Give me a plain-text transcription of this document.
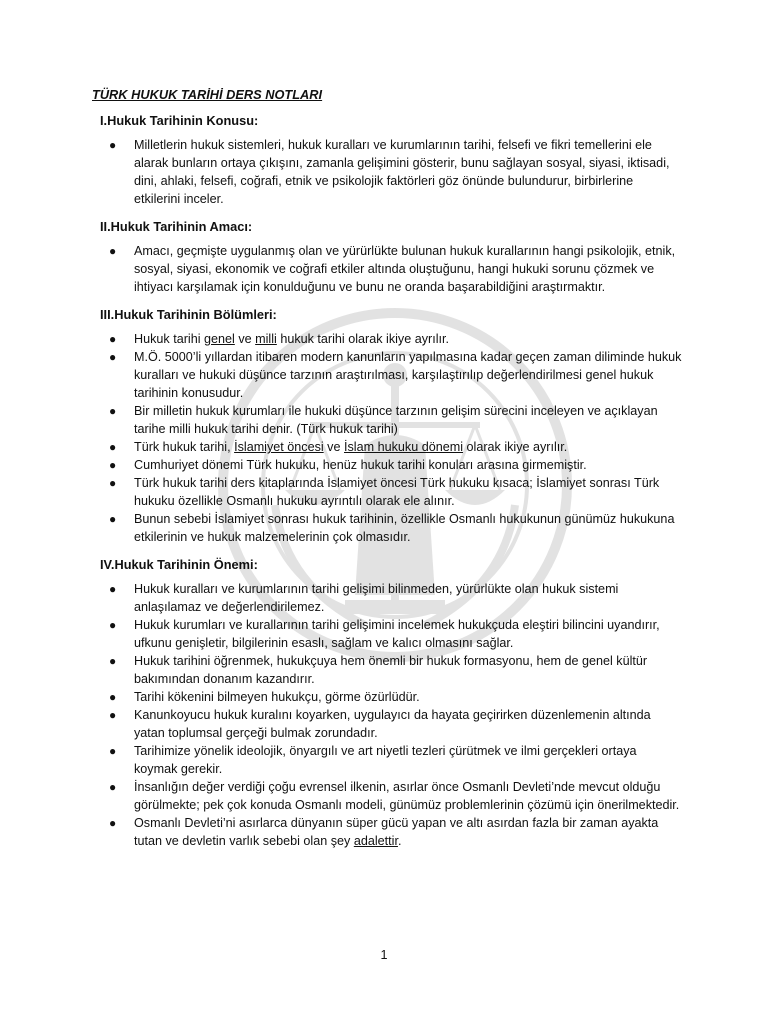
TÜRK HUKUK TARİHİ DERS NOTLARI
I.Hukuk Tarihinin Konusu:
● Milletlerin hukuk sistemleri, hukuk kuralları ve kurumlarının tarihi, felsefi ve fikri temellerini ele alarak bunların ortaya çıkışını, zamanla gelişimini gösterir, bunu sağlayan sosyal, siyasi, iktisadi, dini, ahlaki, felsefi, coğrafi, etnik ve psikolojik faktörleri göz önünde bulundurur, birbirlerine etkilerini inceler.
II.Hukuk Tarihinin Amacı:
● Amacı, geçmişte uygulanmış olan ve yürürlükte bulunan hukuk kurallarının hangi psikolojik, etnik, sosyal, siyasi, ekonomik ve coğrafi etkiler altında oluştuğunu, hangi hukuki sorunu çözmek ve ihtiyacı karşılamak için konulduğunu ve bunu ne oranda başarabildiğini araştırmaktır.
III.Hukuk Tarihinin Bölümleri:
● Hukuk tarihi genel ve milli hukuk tarihi olarak ikiye ayrılır.
● M.Ö. 5000’li yıllardan itibaren modern kanunların yapılmasına kadar geçen zaman diliminde hukuk kuralları ve hukuki düşünce tarzının araştırılması, karşılaştırılıp değerlendirilmesi genel hukuk tarihinin konusudur.
● Bir milletin hukuk kurumları ile hukuki düşünce tarzının gelişim sürecini inceleyen ve açıklayan tarihe milli hukuk tarihi denir. (Türk hukuk tarihi)
● Türk hukuk tarihi, İslamiyet öncesi ve İslam hukuku dönemi olarak ikiye ayrılır.
● Cumhuriyet dönemi Türk hukuku, henüz hukuk tarihi konuları arasına girmemiştir.
● Türk hukuk tarihi ders kitaplarında İslamiyet öncesi Türk hukuku kısaca; İslamiyet sonrası Türk hukuku özellikle Osmanlı hukuku ayrıntılı olarak ele alınır.
● Bunun sebebi İslamiyet sonrası hukuk tarihinin, özellikle Osmanlı hukukunun günümüz hukukuna etkilerinin ve hukuk malzemelerinin çok olmasıdır.
IV.Hukuk Tarihinin Önemi:
● Hukuk kuralları ve kurumlarının tarihi gelişimi bilinmeden, yürürlükte olan hukuk sistemi anlaşılamaz ve değerlendirilemez.
● Hukuk kurumları ve kurallarının tarihi gelişimini incelemek hukukçuda eleştiri bilincini uyandırır, ufkunu genişletir, bilgilerinin esaslı, sağlam ve kalıcı olmasını sağlar.
● Hukuk tarihini öğrenmek, hukukçuya hem önemli bir hukuk formasyonu, hem de genel kültür bakımından donanım kazandırır.
● Tarihi kökenini bilmeyen hukukçu, görme özürlüdür.
● Kanunkoyucu hukuk kuralını koyarken, uygulayıcı da hayata geçirirken düzenlemenin altında yatan toplumsal gerçeği bulmak zorundadır.
● Tarihimize yönelik ideolojik, önyargılı ve art niyetli tezleri çürütmek ve ilmi gerçekleri ortaya koymak gerekir.
● İnsanlığın değer verdiği çoğu evrensel ilkenin, asırlar önce Osmanlı Devleti’nde mevcut olduğu görülmekte; pek çok konuda Osmanlı modeli, günümüz problemlerinin çözümü için önerilmektedir.
● Osmanlı Devleti’ni asırlarca dünyanın süper gücü yapan ve altı asırdan fazla bir zaman ayakta tutan ve devletin varlık sebebi olan şey adalettir.
1
